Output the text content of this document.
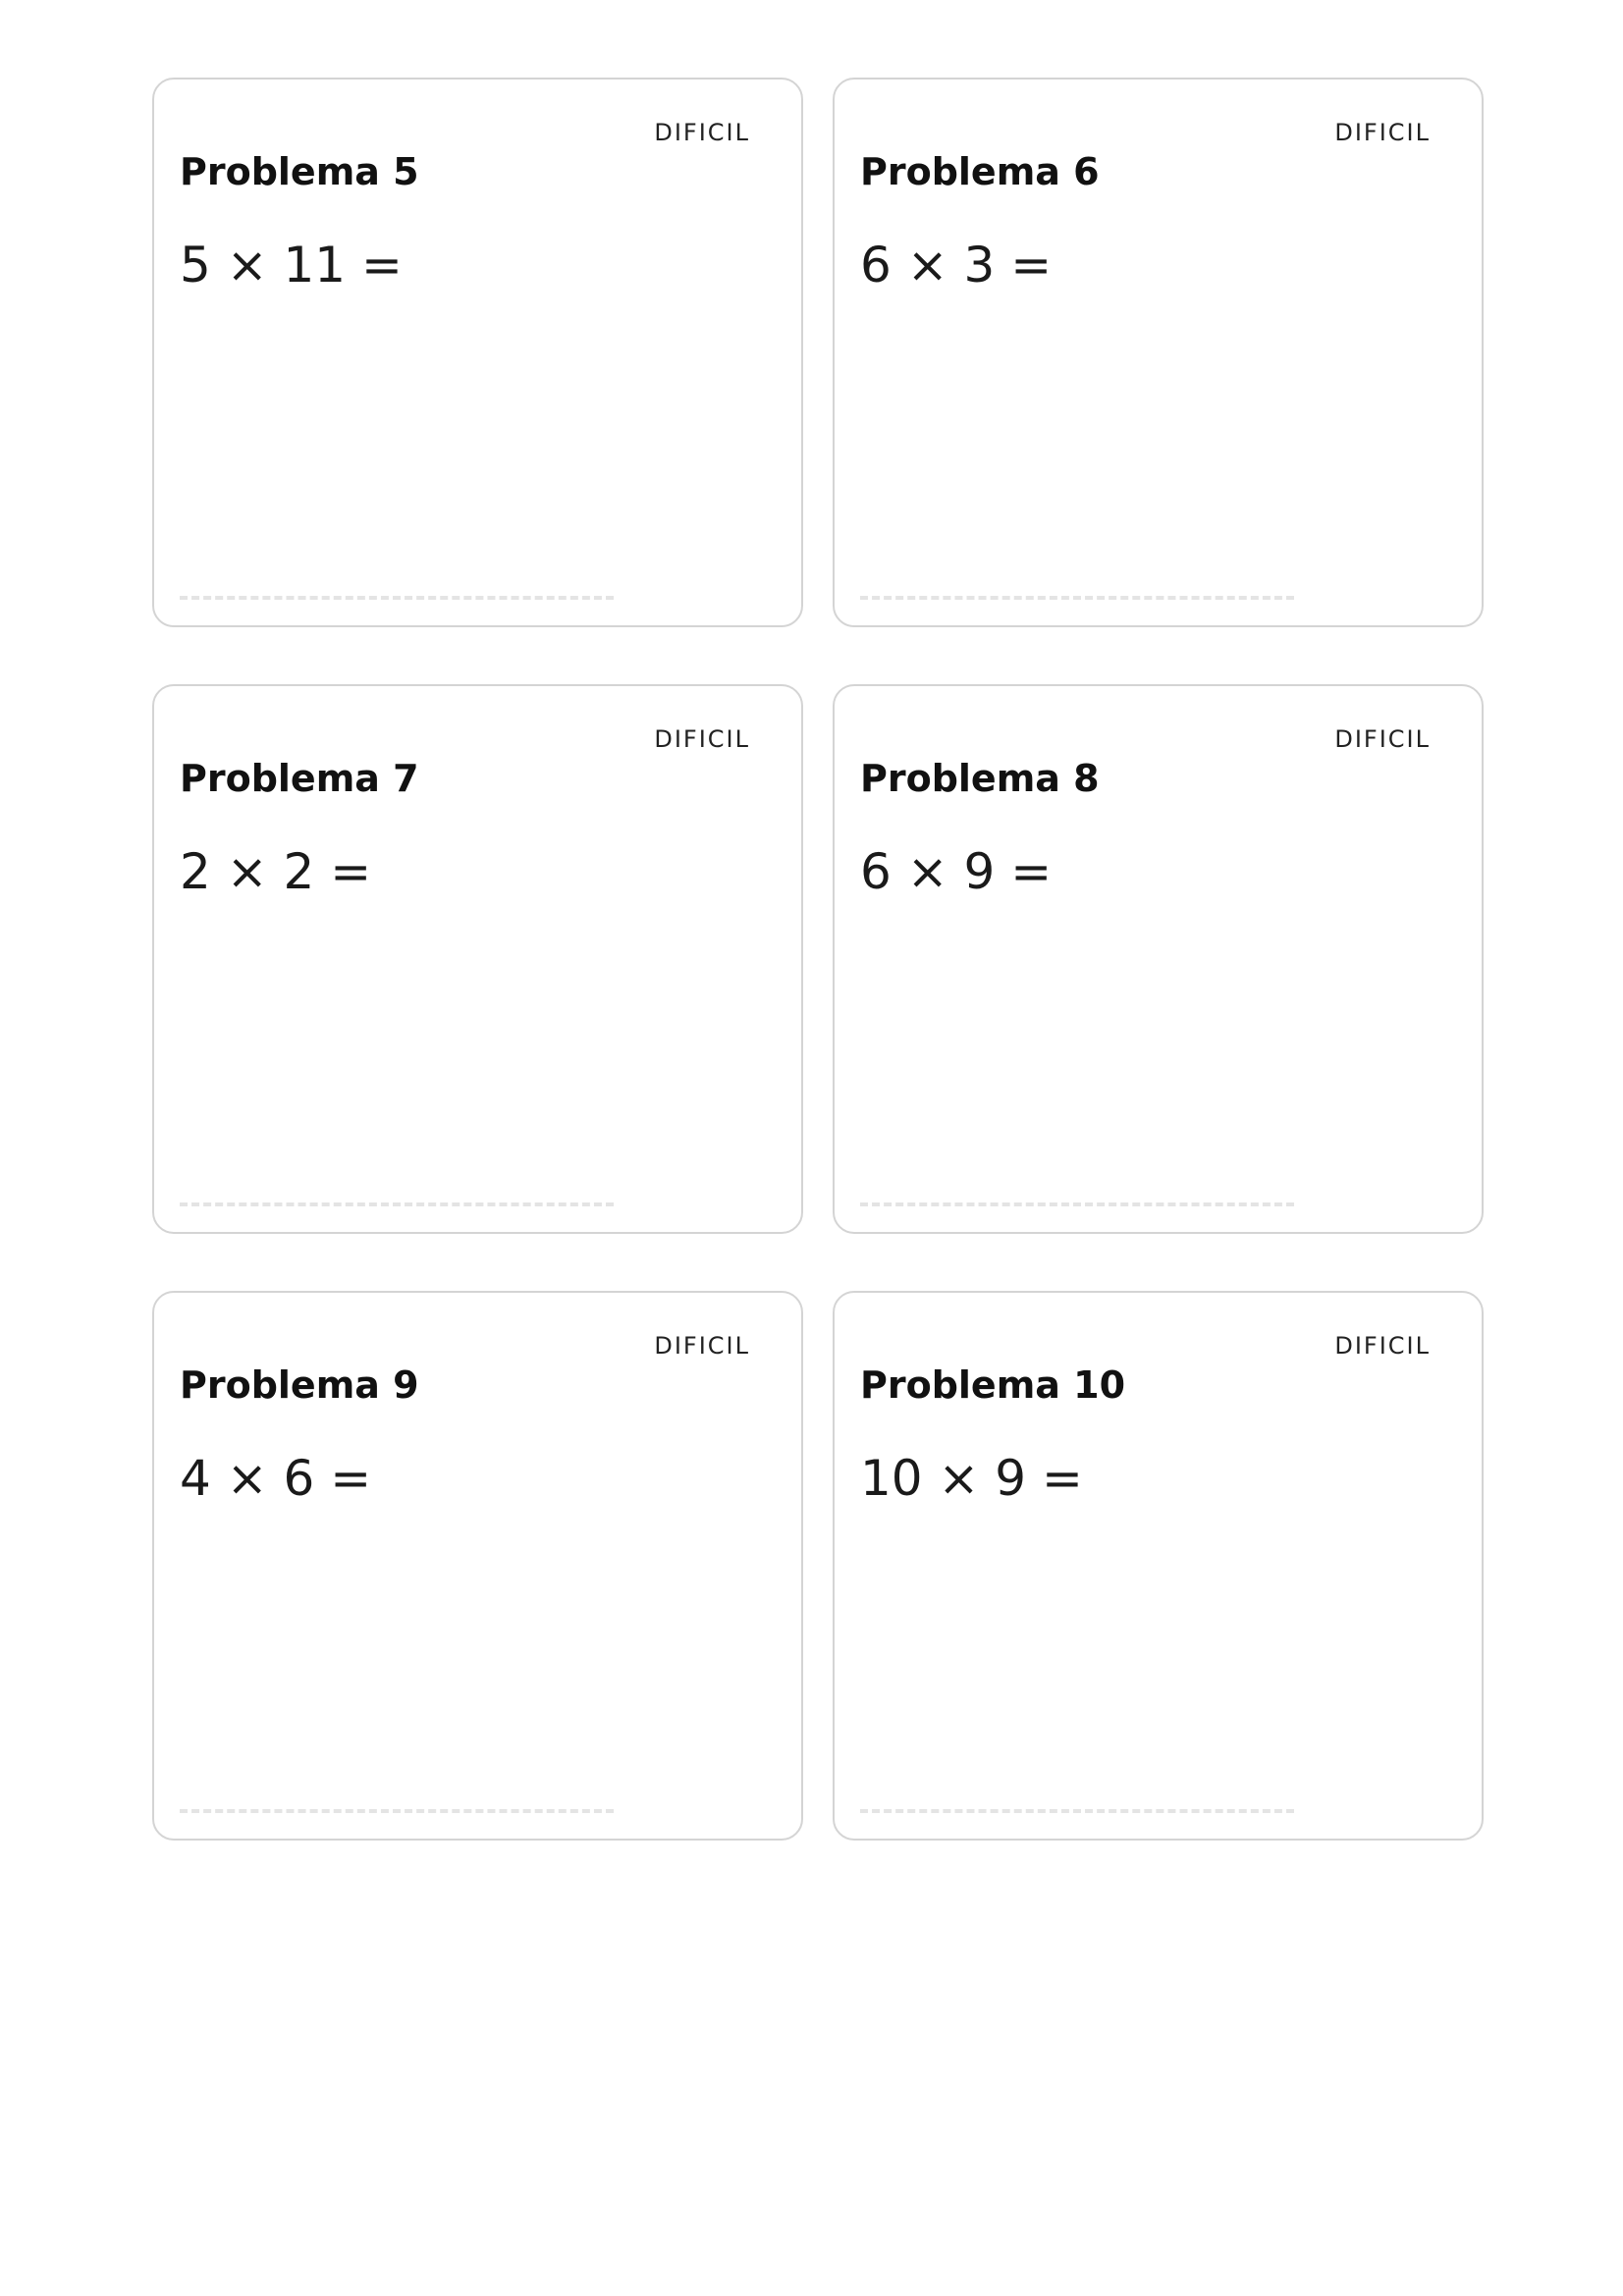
DIFICIL
Problema 5
5 × 11 =
DIFICIL
Problema 6
6 × 3 =
DIFICIL
Problema 7
2 × 2 =
DIFICIL
Problema 8
6 × 9 =
DIFICIL
Problema 9
4 × 6 =
DIFICIL
Problema 10
10 × 9 =
